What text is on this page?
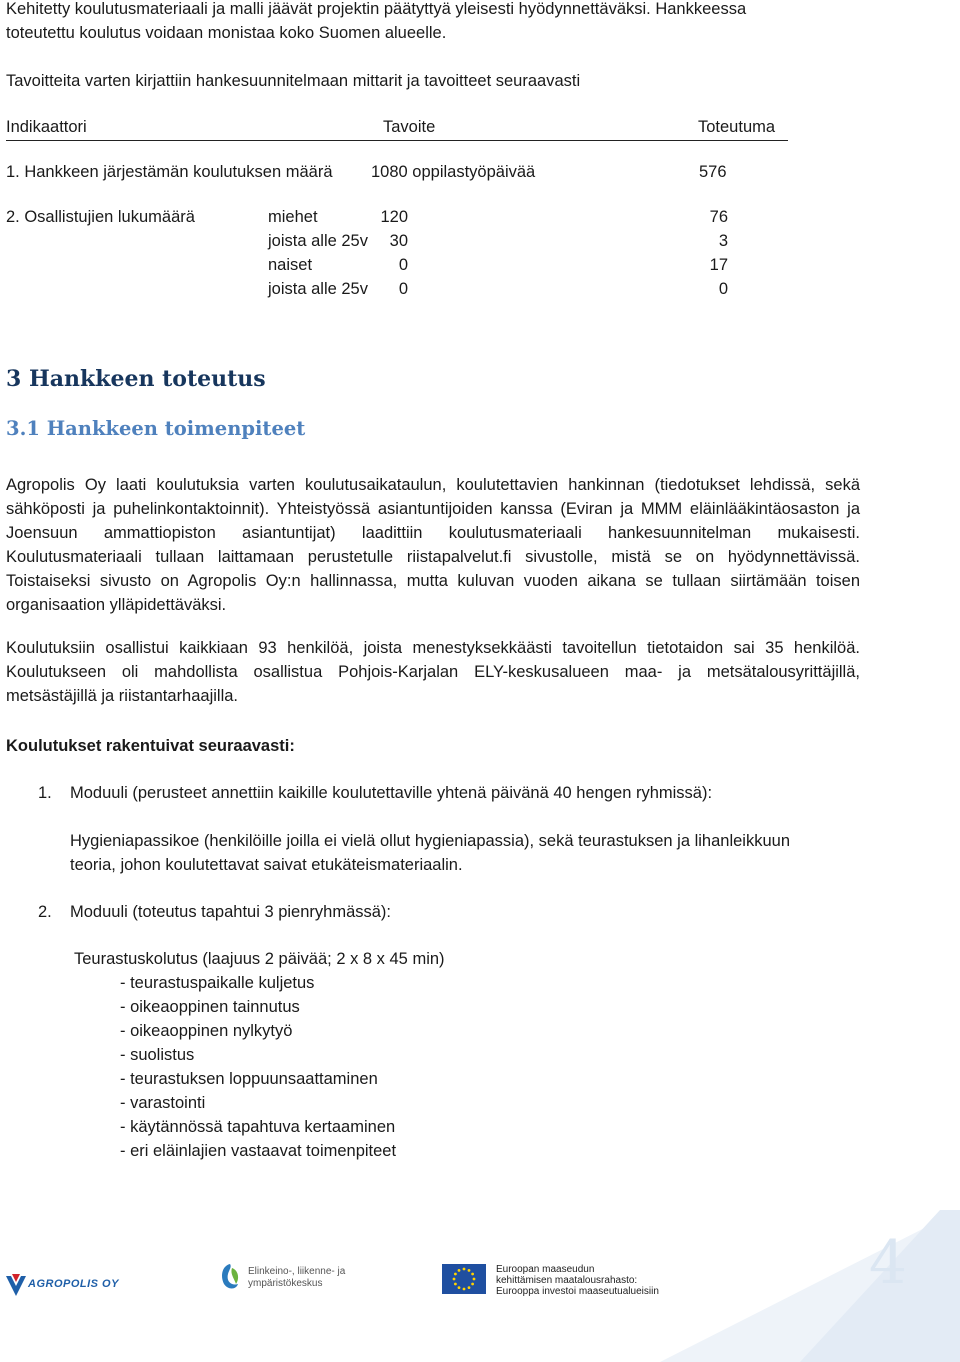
Kehitetty koulutusmateriaali ja malli jäävät projektin päätyttyä yleisesti hyödynnettäväksi. Hankkeessa
toteutettu koulutus voidaan monistaa koko Suomen alueelle.
Tavoitteita varten kirjattiin hankesuunnitelmaan mittarit ja tavoitteet seuraavasti
Indikaattori	Tavoite	Toteutuma
1. Hankkeen järjestämän koulutuksen määrä 1080 oppilastyöpäivää	576
2. Osallistujien lukumäärä	miehet	120	76
joista alle 25v	30	3
naiset	0	17
joista alle 25v	0	0
3 Hankkeen toteutus
3.1 Hankkeen toimenpiteet
Agropolis Oy laati koulutuksia varten koulutusaikataulun, koulutettavien hankinnan (tiedotukset lehdissä, sekä sähköposti ja puhelinkontaktoinnit). Yhteistyössä asiantuntijoiden kanssa (Eviran ja MMM eläinlääkintäosaston ja Joensuun ammattiopiston asiantuntijat) laadittiin koulutusmateriaali hankesuunnitelman mukaisesti. Koulutusmateriaali tullaan laittamaan perustetulle riistapalvelut.fi sivustolle, mistä se on hyödynnettävissä. Toistaiseksi sivusto on Agropolis Oy:n hallinnassa, mutta kuluvan vuoden aikana se tullaan siirtämään toisen organisaation ylläpidettäväksi.
Koulutuksiin osallistui kaikkiaan 93 henkilöä, joista menestyksekkäästi tavoitellun tietotaidon sai 35 henkilöä. Koulutukseen oli mahdollista osallistua Pohjois-Karjalan ELY-keskusalueen maa- ja metsätalousyrittäjillä, metsästäjillä ja riistantarhaajilla.
Koulutukset rakentuivat seuraavasti:
1. Moduuli (perusteet annettiin kaikille koulutettaville yhtenä päivänä 40 hengen ryhmissä):
Hygieniapassikoe (henkilöille joilla ei vielä ollut hygieniapassia), sekä teurastuksen ja lihanleikkuun
teoria, johon koulutettavat saivat etukäteismateriaalin.
2. Moduuli (toteutus tapahtui 3 pienryhmässä):
Teurastuskolutus (laajuus 2 päivää; 2 x 8 x 45 min)
- teurastuspaikalle kuljetus
- oikeaoppinen tainnutus
- oikeaoppinen nylkytyö
- suolistus
- teurastuksen loppuunsaattaminen
- varastointi
- käytännössä tapahtuva kertaaminen
- eri eläinlajien vastaavat toimenpiteet
4
AGROPOLIS OY
Elinkeino-, liikenne- ja
ympäristökeskus
Euroopan maaseudun
kehittämisen maatalousrahasto:
Eurooppa investoi maaseutualueisiin
